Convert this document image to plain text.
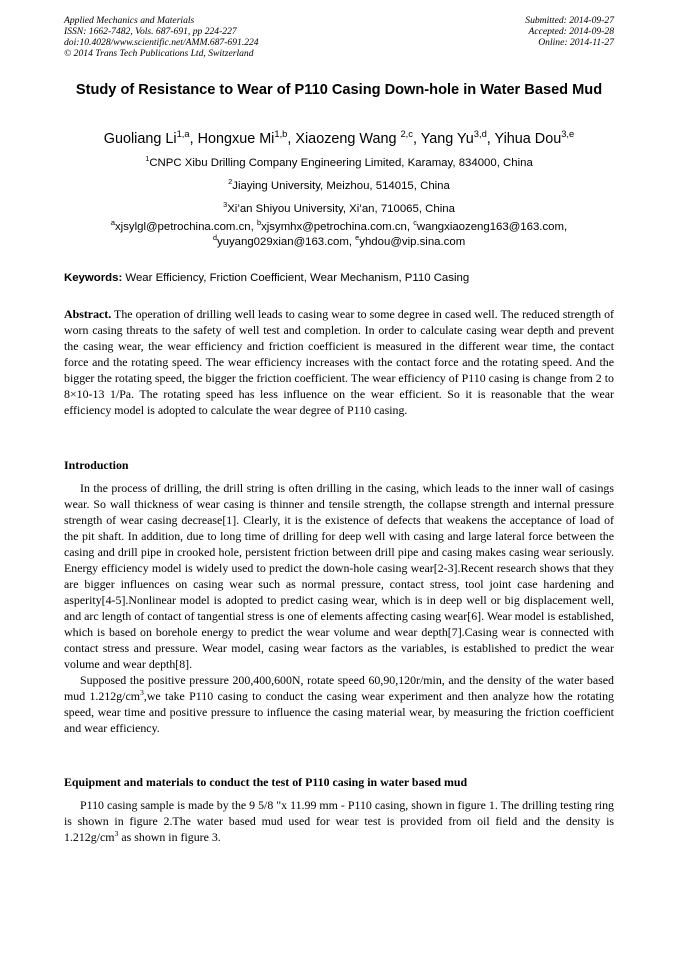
Applied Mechanics and Materials
ISSN: 1662-7482, Vols. 687-691, pp 224-227
doi:10.4028/www.scientific.net/AMM.687-691.224
© 2014 Trans Tech Publications Ltd, Switzerland
Submitted: 2014-09-27
Accepted: 2014-09-28
Online: 2014-11-27
Study of Resistance to Wear of P110 Casing Down-hole in Water Based Mud
Guoliang Li$^{1,a}$, Hongxue Mi$^{1,b}$, Xiaozeng Wang $^{2,c}$, Yang Yu$^{3,d}$, Yihua Dou$^{3,e}$
$^1$CNPC Xibu Drilling Company Engineering Limited, Karamay, 834000, China
$^2$Jiaying University, Meizhou, 514015, China
$^3$Xi’an Shiyou University, Xi’an, 710065, China
$^a$xjsylgl@petrochina.com.cn, $^b$xjsymhx@petrochina.com.cn, $^c$wangxiaozeng163@163.com,
$^d$yuyang029xian@163.com, $^e$yhdou@vip.sina.com
Keywords: Wear Efficiency, Friction Coefficient, Wear Mechanism, P110 Casing
Abstract. The operation of drilling well leads to casing wear to some degree in cased well. The reduced strength of worn casing threats to the safety of well test and completion. In order to calculate casing wear depth and prevent the casing wear, the wear efficiency and friction coefficient is measured in the different wear time, the contact force and the rotating speed. The wear efficiency increases with the contact force and the rotating speed. And the bigger the rotating speed, the bigger the friction coefficient. The wear efficiency of P110 casing is change from 2 to 8×10-13 1/Pa. The rotating speed has less influence on the wear efficient. So it is reasonable that the wear efficiency model is adopted to calculate the wear degree of P110 casing.
Introduction

In the process of drilling, the drill string is often drilling in the casing, which leads to the inner wall of casings wear. So wall thickness of wear casing is thinner and tensile strength, the collapse strength and internal pressure strength of wear casing decrease[1]. Clearly, it is the existence of defects that weakens the acceptance of load of the pit shaft. In addition, due to long time of drilling for deep well with casing and large lateral force between the casing and drill pipe in crooked hole, persistent friction between drill pipe and casing makes casing wear seriously. Energy efficiency model is widely used to predict the down-hole casing wear[2-3].Recent research shows that they are bigger influences on casing wear such as normal pressure, contact stress, tool joint case hardening and asperity[4-5].Nonlinear model is adopted to predict casing wear, which is in deep well or big displacement well, and arc length of contact of tangential stress is one of elements affecting casing wear[6]. Wear model is established, which is based on borehole energy to predict the wear volume and wear depth[7].Casing wear is connected with contact stress and pressure. Wear model, casing wear factors as the variables, is established to predict the wear volume and wear depth[8].

Supposed the positive pressure 200,400,600N, rotate speed 60,90,120r/min, and the density of the water based mud $1.212g/cm^3,we$ take P110 casing to conduct the casing wear experiment and then analyze how the rotating speed, wear time and positive pressure to influence the casing material wear, by measuring the friction coefficient and wear efficiency.

Equipment and materials to conduct the test of P110 casing in water based mud

P110 casing sample is made by the 9 5/8 "x 11.99 mm - P110 casing, shown in figure 1. The drilling testing ring is shown in figure 2.The water based mud used for wear test is provided from oil field and the density is $1.212g/cm^3$ as shown in figure 3.
